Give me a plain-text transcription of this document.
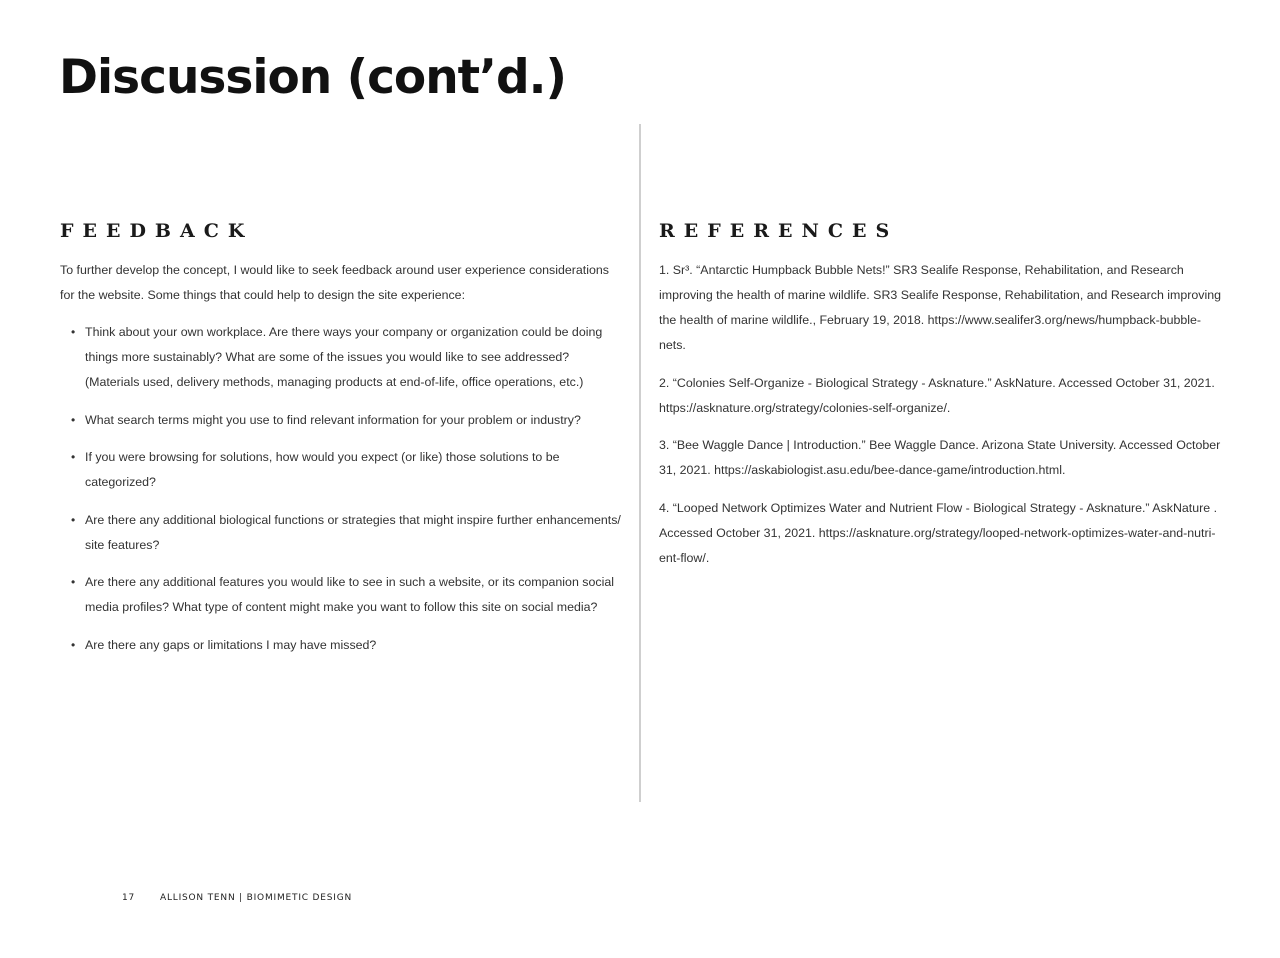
Discussion (cont’d.)
FEEDBACK

To further develop the concept, I would like to seek feedback around user experience considerations for the website. Some things that could help to design the site experience:

• Think about your own workplace. Are there ways your company or organization could be doing things more sustainably? What are some of the issues you would like to see addressed? (Materials used, delivery methods, managing products at end-of-life, office operations, etc.)
• What search terms might you use to find relevant information for your problem or industry?
• If you were browsing for solutions, how would you expect (or like) those solutions to be categorized?
• Are there any additional biological functions or strategies that might inspire further enhancements/ site features?
• Are there any additional features you would like to see in such a website, or its companion social media profiles? What type of content might make you want to follow this site on social media?
• Are there any gaps or limitations I may have missed?
REFERENCES

1. Sr³. “Antarctic Humpback Bubble Nets!” SR3 Sealife Response, Rehabilitation, and Research improving the health of marine wildlife. SR3 Sealife Response, Rehabilitation, and Research improving the health of marine wildlife., February 19, 2018. https://www.sealifer3.org/news/humpback-bubble-nets.

2. “Colonies Self-Organize - Biological Strategy - Asknature.” AskNature. Accessed October 31, 2021. https://asknature.org/strategy/colonies-self-organize/.

3. “Bee Waggle Dance | Introduction.” Bee Waggle Dance. Arizona State University. Accessed October 31, 2021. https://askabiologist.asu.edu/bee-dance-game/introduction.html.

4. “Looped Network Optimizes Water and Nutrient Flow - Biological Strategy - Asknature.” AskNature . Accessed October 31, 2021. https://asknature.org/strategy/looped-network-optimizes-water-and-nutri-ent-flow/.

17	ALLISON TENN | BIOMIMETIC DESIGN
